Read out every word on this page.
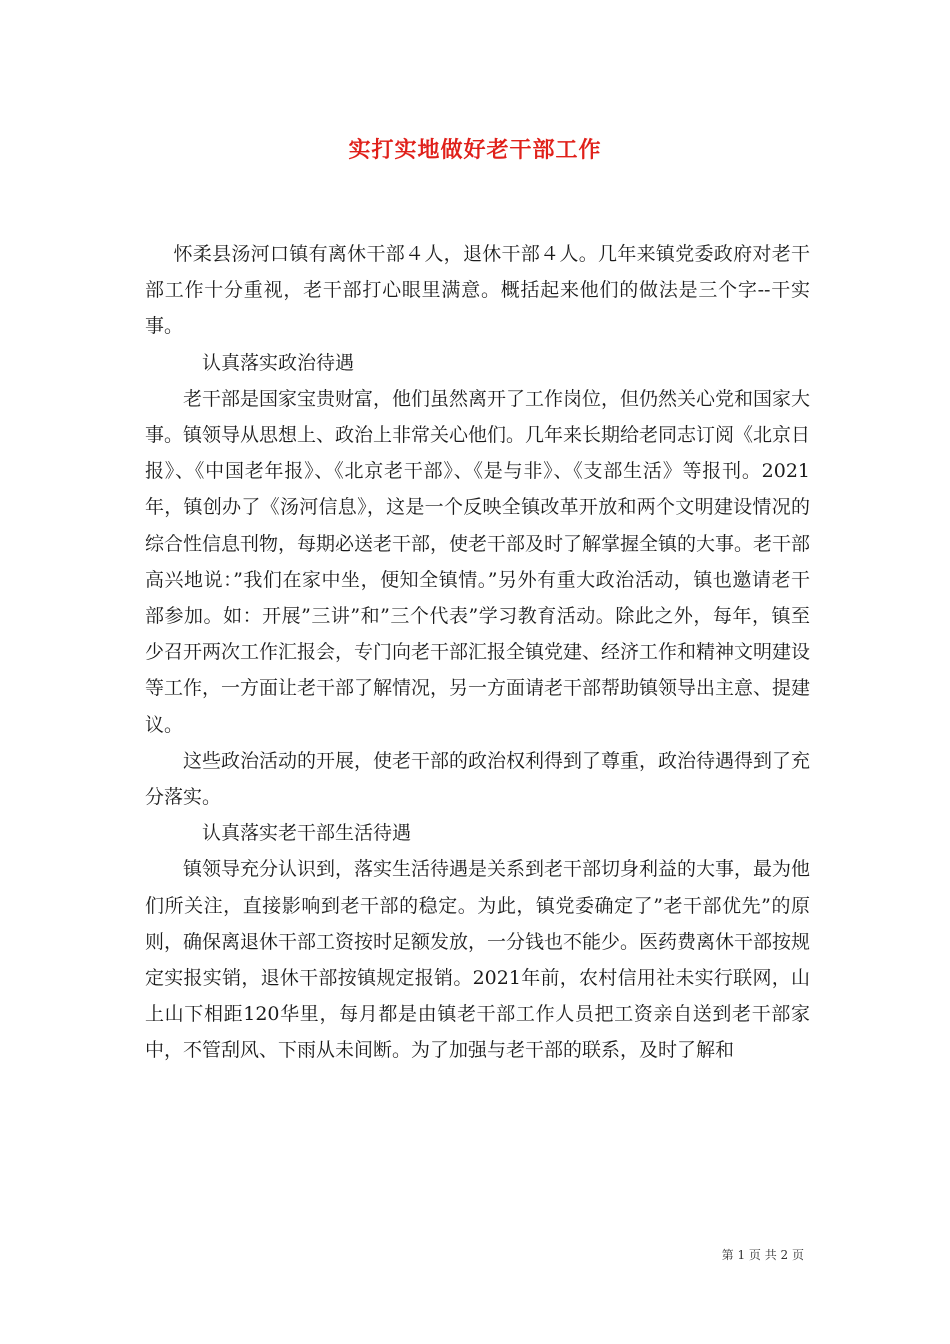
实打实地做好老干部工作

怀柔县汤河口镇有离休干部４人，退休干部４人。几年来镇党委政府对老干部工作十分重视，老干部打心眼里满意。概括起来他们的做法是三个字--干实事。

认真落实政治待遇

老干部是国家宝贵财富，他们虽然离开了工作岗位，但仍然关心党和国家大事。镇领导从思想上、政治上非常关心他们。几年来长期给老同志订阅《北京日报》、《中国老年报》、《北京老干部》、《是与非》、《支部生活》等报刊。2021年，镇创办了《汤河信息》，这是一个反映全镇改革开放和两个文明建设情况的综合性信息刊物，每期必送老干部，使老干部及时了解掌握全镇的大事。老干部高兴地说：”我们在家中坐，便知全镇情。”另外有重大政治活动，镇也邀请老干部参加。如：开展”三讲”和”三个代表”学习教育活动。除此之外，每年，镇至少召开两次工作汇报会，专门向老干部汇报全镇党建、经济工作和精神文明建设等工作，一方面让老干部了解情况，另一方面请老干部帮助镇领导出主意、提建议。

这些政治活动的开展，使老干部的政治权利得到了尊重，政治待遇得到了充分落实。

认真落实老干部生活待遇

镇领导充分认识到，落实生活待遇是关系到老干部切身利益的大事，最为他们所关注，直接影响到老干部的稳定。为此，镇党委确定了”老干部优先”的原则，确保离退休干部工资按时足额发放，一分钱也不能少。医药费离休干部按规定实报实销，退休干部按镇规定报销。2021年前，农村信用社未实行联网，山上山下相距120华里，每月都是由镇老干部工作人员把工资亲自送到老干部家中，不管刮风、下雨从未间断。为了加强与老干部的联系，及时了解和

第 1 页 共 2 页
